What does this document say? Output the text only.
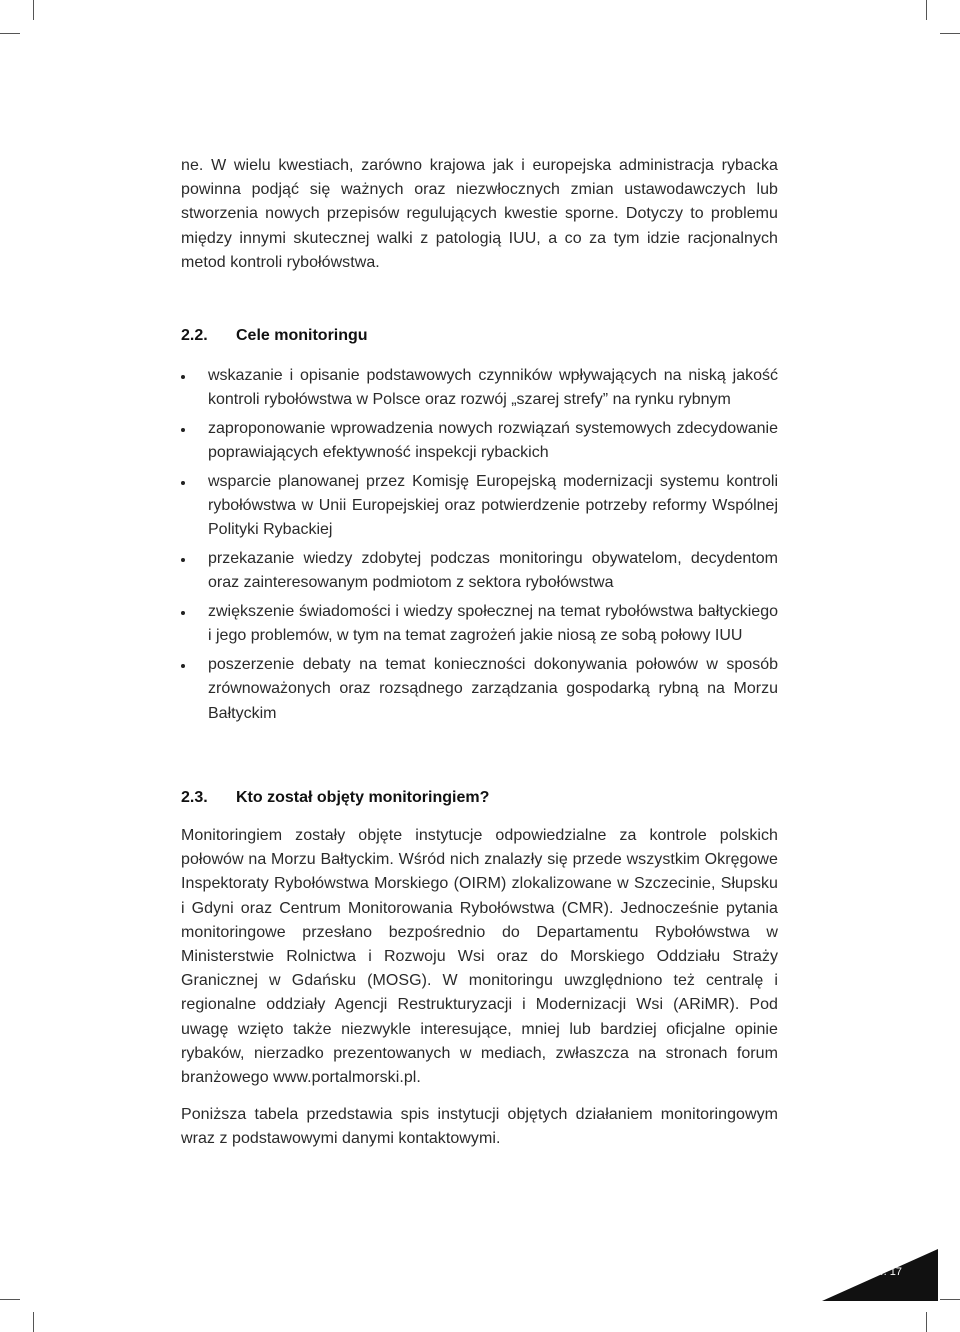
ne. W wielu kwestiach, zarówno krajowa jak i europejska administracja rybacka powinna podjąć się ważnych oraz niezwłocznych zmian ustawodawczych lub stworzenia nowych przepisów regulujących kwestie sporne. Dotyczy to problemu między innymi skutecznej walki z patologią IUU, a co za tym idzie racjonalnych metod kontroli rybołówstwa.

2.2. Cele monitoringu
wskazanie i opisanie podstawowych czynników wpływających na niską jakość kontroli rybołówstwa w Polsce oraz rozwój „szarej strefy” na rynku rybnym
zaproponowanie wprowadzenia nowych rozwiązań systemowych zdecydowanie poprawiających efektywność inspekcji rybackich
wsparcie planowanej przez Komisję Europejską modernizacji systemu kontroli rybołówstwa w Unii Europejskiej oraz potwierdzenie potrzeby reformy Wspólnej Polityki Rybackiej
przekazanie wiedzy zdobytej podczas monitoringu obywatelom, decydentom oraz zainteresowanym podmiotom z sektora rybołówstwa
zwiększenie świadomości i wiedzy społecznej na temat rybołówstwa bałtyckiego i jego problemów, w tym na temat zagrożeń jakie niosą ze sobą połowy IUU
poszerzenie debaty na temat konieczności dokonywania połowów w sposób zrównoważonych oraz rozsądnego zarządzania gospodarką rybną na Morzu Bałtyckim
2.3. Kto został objęty monitoringiem?

Monitoringiem zostały objęte instytucje odpowiedzialne za kontrole polskich połowów na Morzu Bałtyckim. Wśród nich znalazły się przede wszystkim Okręgowe Inspektoraty Rybołówstwa Morskiego (OIRM) zlokalizowane w Szczecinie, Słupsku i Gdyni oraz Centrum Monitorowania Rybołówstwa (CMR). Jednocześnie pytania monitoringowe przesłano bezpośrednio do Departamentu Rybołówstwa w Ministerstwie Rolnictwa i Rozwoju Wsi oraz do Morskiego Oddziału Straży Granicznej w Gdańsku (MOSG). W monitoringu uwzględniono też centralę i regionalne oddziały Agencji Restrukturyzacji i Modernizacji Wsi (ARiMR). Pod uwagę wzięto także niezwykle interesujące, mniej lub bardziej oficjalne opinie rybaków, nierzadko prezentowanych w mediach, zwłaszcza na stronach forum branżowego www.portalmorski.pl.

Poniższa tabela przedstawia spis instytucji objętych działaniem monitoringowym wraz z podstawowymi danymi kontaktowymi.

str. 17
